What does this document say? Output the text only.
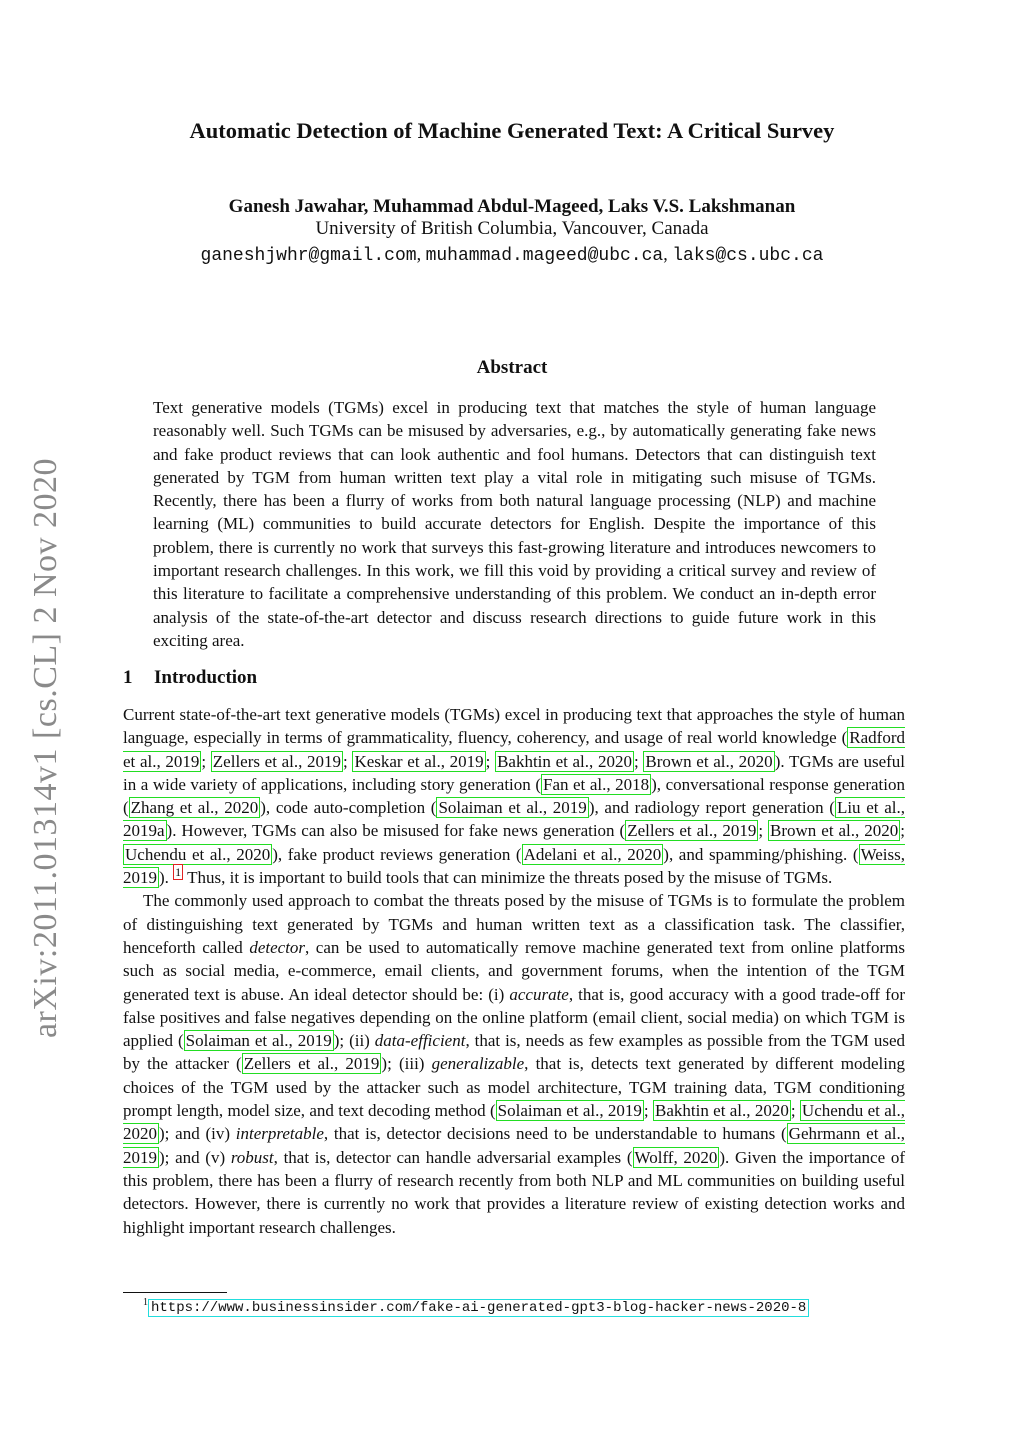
arXiv:2011.01314v1 [cs.CL] 2 Nov 2020
Automatic Detection of Machine Generated Text: A Critical Survey
Ganesh Jawahar, Muhammad Abdul-Mageed, Laks V.S. Lakshmanan
University of British Columbia, Vancouver, Canada
ganeshjwhr@gmail.com, muhammad.mageed@ubc.ca, laks@cs.ubc.ca
Abstract
Text generative models (TGMs) excel in producing text that matches the style of human language reasonably well. Such TGMs can be misused by adversaries, e.g., by automatically generating fake news and fake product reviews that can look authentic and fool humans. Detectors that can distinguish text generated by TGM from human written text play a vital role in mitigating such misuse of TGMs. Recently, there has been a flurry of works from both natural language processing (NLP) and machine learning (ML) communities to build accurate detectors for English. Despite the importance of this problem, there is currently no work that surveys this fast-growing literature and introduces newcomers to important research challenges. In this work, we fill this void by providing a critical survey and review of this literature to facilitate a comprehensive understanding of this problem. We conduct an in-depth error analysis of the state-of-the-art detector and discuss research directions to guide future work in this exciting area.
1 Introduction

Current state-of-the-art text generative models (TGMs) excel in producing text that approaches the style of human language, especially in terms of grammaticality, fluency, coherency, and usage of real world knowledge ( Radford et al., 2019 ; Zellers et al., 2019 ; Keskar et al., 2019 ; Bakhtin et al., 2020 ; Brown et al., 2020 ). TGMs are useful in a wide variety of applications, including story generation ( Fan et al., 2018 ), conversational response generation ( Zhang et al., 2020 ), code auto-completion ( Solaiman et al., 2019 ), and radiology report generation ( Liu et al., 2019a ). However, TGMs can also be misused for fake news generation ( Zellers et al., 2019 ; Brown et al., 2020 ; Uchendu et al., 2020 ), fake product reviews generation ( Adelani et al., 2020 ), and spamming/phishing. ( Weiss, 2019 ). $^1$ Thus, it is important to build tools that can minimize the threats posed by the misuse of TGMs.

The commonly used approach to combat the threats posed by the misuse of TGMs is to formulate the problem of distinguishing text generated by TGMs and human written text as a classification task. The classifier, henceforth called detector, can be used to automatically remove machine generated text from online platforms such as social media, e-commerce, email clients, and government forums, when the intention of the TGM generated text is abuse. An ideal detector should be: (i) accurate, that is, good accuracy with a good trade-off for false positives and false negatives depending on the online platform (email client, social media) on which TGM is applied ( Solaiman et al., 2019 ); (ii) data-efficient, that is, needs as few examples as possible from the TGM used by the attacker ( Zellers et al., 2019 ); (iii) generalizable, that is, detects text generated by different modeling choices of the TGM used by the attacker such as model architecture, TGM training data, TGM conditioning prompt length, model size, and text decoding method ( Solaiman et al., 2019 ; Bakhtin et al., 2020 ; Uchendu et al., 2020 ); and (iv) interpretable, that is, detector decisions need to be understandable to humans ( Gehrmann et al., 2019 ); and (v) robust, that is, detector can handle adversarial examples ( Wolff, 2020 ). Given the importance of this problem, there has been a flurry of research recently from both NLP and ML communities on building useful detectors. However, there is currently no work that provides a literature review of existing detection works and highlight important research challenges.

$^1$ https://www.businessinsider.com/fake-ai-generated-gpt3-blog-hacker-news-2020-8
